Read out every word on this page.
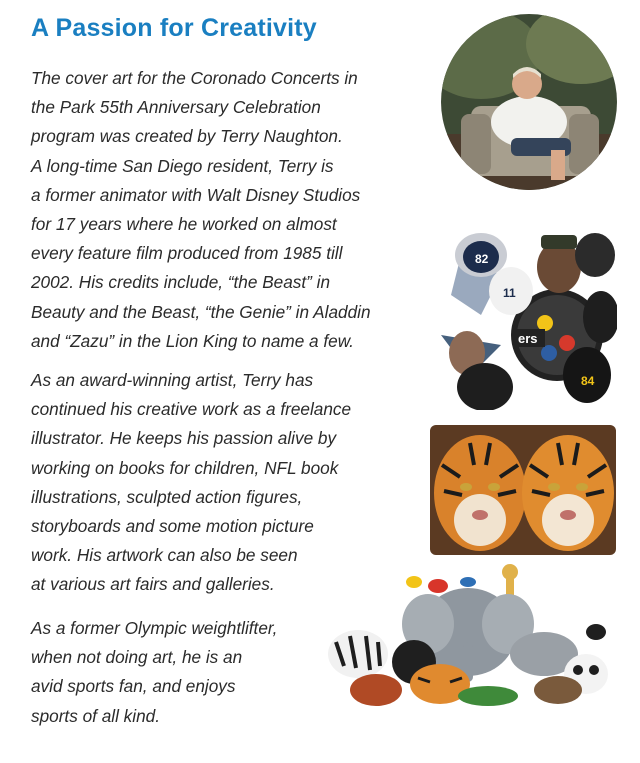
A Passion for Creativity

The cover art for the Coronado Concerts in
the Park 55th Anniversary Celebration
program was created by Terry Naughton.
A long-time San Diego resident, Terry is
a former animator with Walt Disney Studios
for 17 years where he worked on almost
every feature film produced from 1985 till
2002. His credits include, “the Beast” in
Beauty and the Beast, “the Genie” in Aladdin
and “Zazu” in the Lion King to name a few.

As an award-winning artist, Terry has
continued his creative work as a freelance
illustrator. He keeps his passion alive by
working on books for children, NFL book
illustrations, sculpted action figures,
storyboards and some motion picture
work. His artwork can also be seen
at various art fairs and galleries.

As a former Olympic weightlifter,
when not doing art, he is an
avid sports fan, and enjoys
sports of all kind.

ers
82
11
84
